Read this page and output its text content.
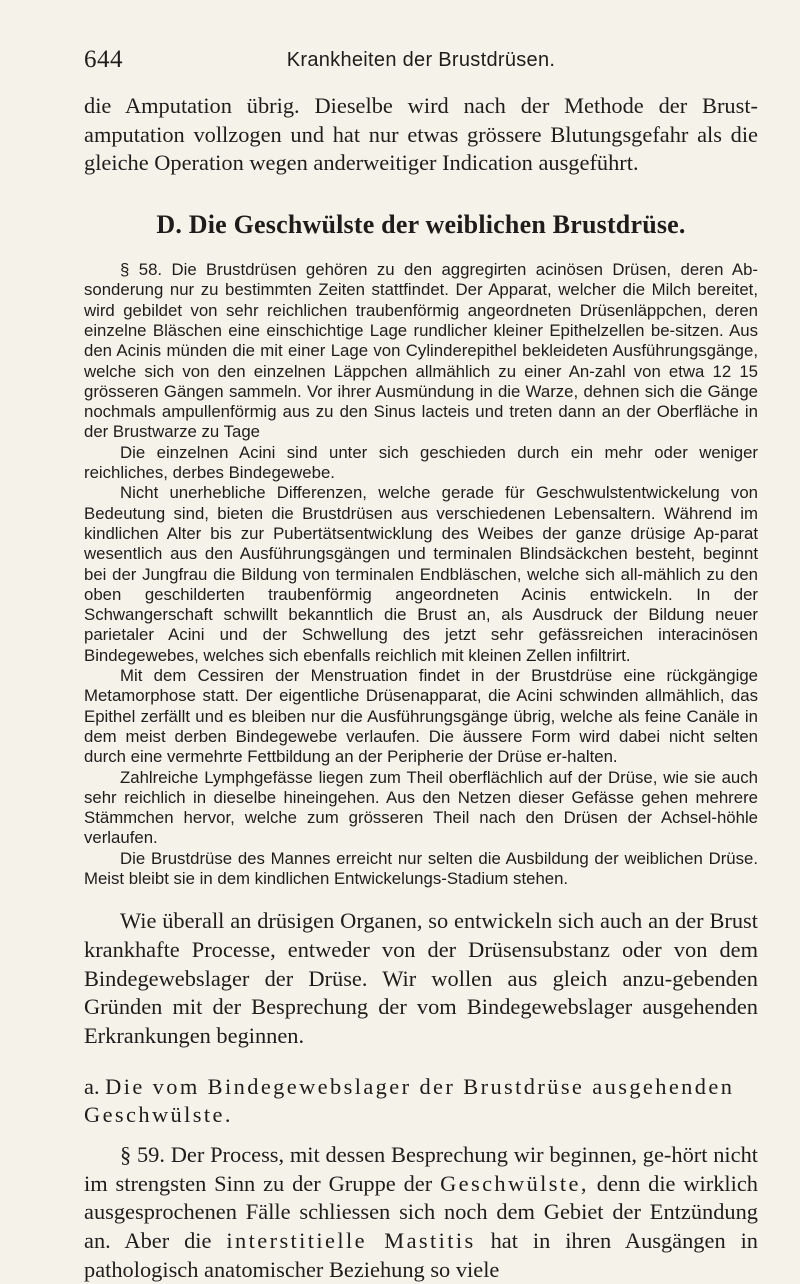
644	Krankheiten der Brustdrüsen.

die Amputation übrig. Dieselbe wird nach der Methode der Brust-amputation vollzogen und hat nur etwas grössere Blutungsgefahr als die gleiche Operation wegen anderweitiger Indication ausgeführt.

D. Die Geschwülste der weiblichen Brustdrüse.

§ 58. Die Brustdrüsen gehören zu den aggregirten acinösen Drüsen, deren Ab-sonderung nur zu bestimmten Zeiten stattfindet. Der Apparat, welcher die Milch bereitet, wird gebildet von sehr reichlichen traubenförmig angeordneten Drüsenläppchen, deren einzelne Bläschen eine einschichtige Lage rundlicher kleiner Epithelzellen be-sitzen. Aus den Acinis münden die mit einer Lage von Cylinderepithel bekleideten Ausführungsgänge, welche sich von den einzelnen Läppchen allmählich zu einer An-zahl von etwa 12 15 grösseren Gängen sammeln. Vor ihrer Ausmündung in die Warze, dehnen sich die Gänge nochmals ampullenförmig aus zu den Sinus lacteis und treten dann an der Oberfläche in der Brustwarze zu Tage

Die einzelnen Acini sind unter sich geschieden durch ein mehr oder weniger reichliches, derbes Bindegewebe.

Nicht unerhebliche Differenzen, welche gerade für Geschwulstentwickelung von Bedeutung sind, bieten die Brustdrüsen aus verschiedenen Lebensaltern. Während im kindlichen Alter bis zur Pubertätsentwicklung des Weibes der ganze drüsige Ap-parat wesentlich aus den Ausführungsgängen und terminalen Blindsäckchen besteht, beginnt bei der Jungfrau die Bildung von terminalen Endbläschen, welche sich all-mählich zu den oben geschilderten traubenförmig angeordneten Acinis entwickeln. In der Schwangerschaft schwillt bekanntlich die Brust an, als Ausdruck der Bildung neuer parietaler Acini und der Schwellung des jetzt sehr gefässreichen interacinösen Bindegewebes, welches sich ebenfalls reichlich mit kleinen Zellen infiltrirt.

Mit dem Cessiren der Menstruation findet in der Brustdrüse eine rückgängige Metamorphose statt. Der eigentliche Drüsenapparat, die Acini schwinden allmählich, das Epithel zerfällt und es bleiben nur die Ausführungsgänge übrig, welche als feine Canäle in dem meist derben Bindegewebe verlaufen. Die äussere Form wird dabei nicht selten durch eine vermehrte Fettbildung an der Peripherie der Drüse er-halten.

Zahlreiche Lymphgefässe liegen zum Theil oberflächlich auf der Drüse, wie sie auch sehr reichlich in dieselbe hineingehen. Aus den Netzen dieser Gefässe gehen mehrere Stämmchen hervor, welche zum grösseren Theil nach den Drüsen der Achsel-höhle verlaufen.

Die Brustdrüse des Mannes erreicht nur selten die Ausbildung der weiblichen Drüse. Meist bleibt sie in dem kindlichen Entwickelungs-Stadium stehen.

Wie überall an drüsigen Organen, so entwickeln sich auch an der Brust krankhafte Processe, entweder von der Drüsensubstanz oder von dem Bindegewebslager der Drüse. Wir wollen aus gleich anzu-gebenden Gründen mit der Besprechung der vom Bindegewebslager ausgehenden Erkrankungen beginnen.

a. Die vom Bindegewebslager der Brustdrüse ausgehenden Geschwülste.

§ 59. Der Process, mit dessen Besprechung wir beginnen, ge-hört nicht im strengsten Sinn zu der Gruppe der Geschwülste, denn die wirklich ausgesprochenen Fälle schliessen sich noch dem Gebiet der Entzündung an. Aber die interstitielle Mastitis hat in ihren Ausgängen in pathologisch anatomischer Beziehung so viele
